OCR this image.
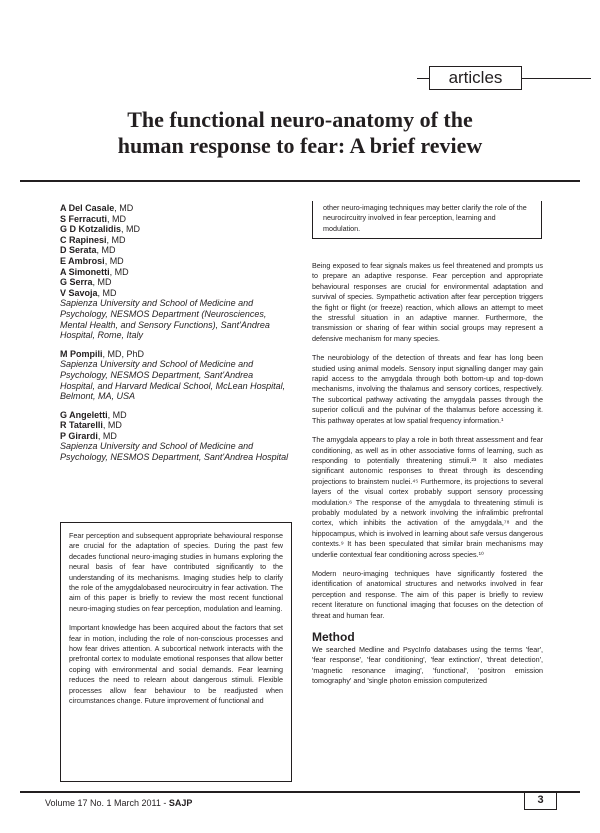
articles
The functional neuro-anatomy of the
human response to fear: A brief review
A Del Casale, MD
S Ferracuti, MD
G D Kotzalidis, MD
C Rapinesi, MD
D Serata, MD
E Ambrosi, MD
A Simonetti, MD
G Serra, MD
V Savoja, MD
Sapienza University and School of Medicine and Psychology, NESMOS Department (Neurosciences, Mental Health, and Sensory Functions), Sant'Andrea Hospital, Rome, Italy
M Pompili, MD, PhD
Sapienza University and School of Medicine and Psychology, NESMOS Department, Sant'Andrea Hospital, and Harvard Medical School, McLean Hospital, Belmont, MA, USA
G Angeletti, MD
R Tatarelli, MD
P Girardi, MD
Sapienza University and School of Medicine and Psychology, NESMOS Department, Sant'Andrea Hospital

Fear perception and subsequent appropriate behavioural response are crucial for the adaptation of species. During the past few decades functional neuro-imaging studies in humans exploring the neural basis of fear have contributed significantly to the understanding of its mechanisms. Imaging studies help to clarify the role of the amygdalobased neurocircuitry in fear activation. The aim of this paper is briefly to review the most recent functional neuro-imaging studies on fear perception, modulation and learning.

Important knowledge has been acquired about the factors that set fear in motion, including the role of non-conscious processes and how fear drives attention. A subcortical network interacts with the prefrontal cortex to modulate emotional responses that allow better coping with environmental and social demands. Fear learning reduces the need to relearn about dangerous stimuli. Flexible processes allow fear behaviour to be readjusted when circumstances change. Future improvement of functional and

other neuro-imaging techniques may better clarify the role of the neurocircuitry involved in fear perception, learning and modulation.

Being exposed to fear signals makes us feel threatened and prompts us to prepare an adaptive response. Fear perception and appropriate behavioural responses are crucial for environmental adaptation and survival of species. Sympathetic activation after fear perception triggers the fight or flight (or freeze) reaction, which allows an attempt to meet the stressful situation in an adaptive manner. Furthermore, the transmission or sharing of fear within social groups may represent a defensive mechanism for many species.

The neurobiology of the detection of threats and fear has long been studied using animal models. Sensory input signalling danger may gain rapid access to the amygdala through both bottom-up and top-down mechanisms, involving the thalamus and sensory cortices, respectively. The subcortical pathway activating the amygdala passes through the superior colliculi and the pulvinar of the thalamus before accessing it. This pathway operates at low spatial frequency information.¹

The amygdala appears to play a role in both threat assessment and fear conditioning, as well as in other associative forms of learning, such as responding to potentially threatening stimuli.²³ It also mediates significant autonomic responses to threat through its descending projections to brainstem nuclei.⁴⁵ Furthermore, its projections to several layers of the visual cortex probably support sensory processing modulation.⁶ The response of the amygdala to threatening stimuli is probably modulated by a network involving the infralimbic prefrontal cortex, which inhibits the activation of the amygdala,⁷⁸ and the hippocampus, which is involved in learning about safe versus dangerous contexts.⁹ It has been speculated that similar brain mechanisms may underlie contextual fear conditioning across species.¹⁰

Modern neuro-imaging techniques have significantly fostered the identification of anatomical structures and networks involved in fear perception and response. The aim of this paper is briefly to review recent literature on functional imaging that focuses on the detection of threat and human fear.

Method

We searched Medline and PsycInfo databases using the terms 'fear', 'fear response', 'fear conditioning', 'fear extinction', 'threat detection', 'magnetic resonance imaging', 'functional', 'positron emission tomography' and 'single photon emission computerized

Volume 17 No. 1 March 2011 - SAJP	3
